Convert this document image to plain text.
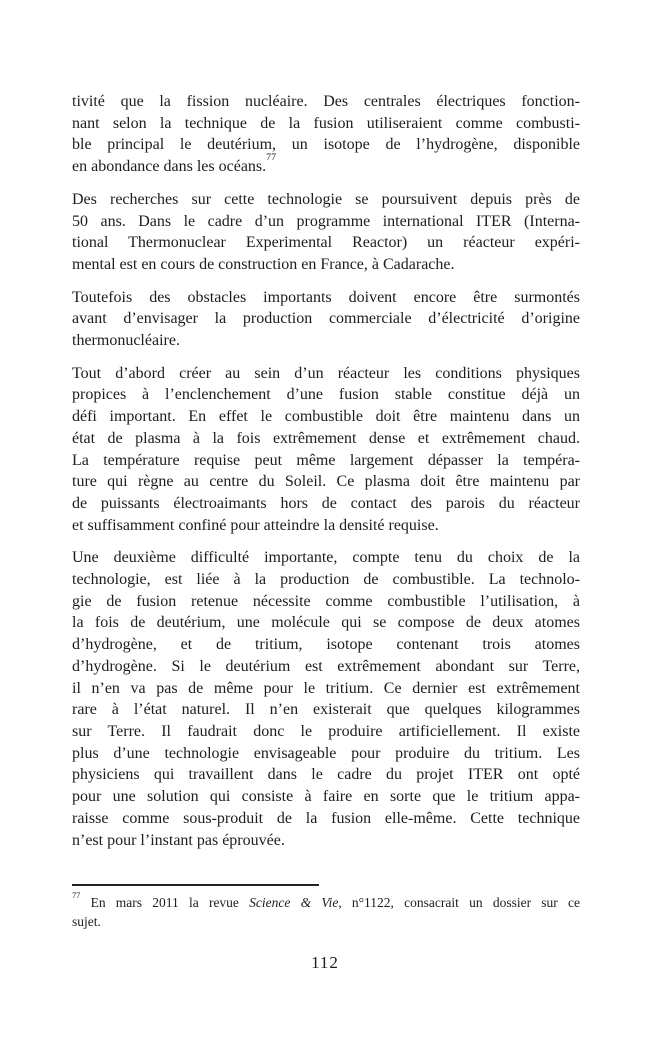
tivité que la fission nucléaire. Des centrales électriques fonction-
nant selon la technique de la fusion utiliseraient comme combusti-
ble principal le deutérium, un isotope de l’hydrogène, disponible
en abondance dans les océans.$^{77}$
Des recherches sur cette technologie se poursuivent depuis près de
50 ans. Dans le cadre d’un programme international ITER (Interna-
tional Thermonuclear Experimental Reactor) un réacteur expéri-
mental est en cours de construction en France, à Cadarache.
Toutefois des obstacles importants doivent encore être surmontés
avant d’envisager la production commerciale d’électricité d’origine
thermonucléaire.
Tout d’abord créer au sein d’un réacteur les conditions physiques
propices à l’enclenchement d’une fusion stable constitue déjà un
défi important. En effet le combustible doit être maintenu dans un
état de plasma à la fois extrêmement dense et extrêmement chaud.
La température requise peut même largement dépasser la tempéra-
ture qui règne au centre du Soleil. Ce plasma doit être maintenu par
de puissants électroaimants hors de contact des parois du réacteur
et suffisamment confiné pour atteindre la densité requise.
Une deuxième difficulté importante, compte tenu du choix de la
technologie, est liée à la production de combustible. La technolo-
gie de fusion retenue nécessite comme combustible l’utilisation, à
la fois de deutérium, une molécule qui se compose de deux atomes
d’hydrogène, et de tritium, isotope contenant trois atomes
d’hydrogène. Si le deutérium est extrêmement abondant sur Terre,
il n’en va pas de même pour le tritium. Ce dernier est extrêmement
rare à l’état naturel. Il n’en existerait que quelques kilogrammes
sur Terre. Il faudrait donc le produire artificiellement. Il existe
plus d’une technologie envisageable pour produire du tritium. Les
physiciens qui travaillent dans le cadre du projet ITER ont opté
pour une solution qui consiste à faire en sorte que le tritium appa-
raisse comme sous-produit de la fusion elle-même. Cette technique
n’est pour l’instant pas éprouvée.
$^{77}$ En mars 2011 la revue Science & Vie, n°1122, consacrait un dossier sur ce
sujet.
112
